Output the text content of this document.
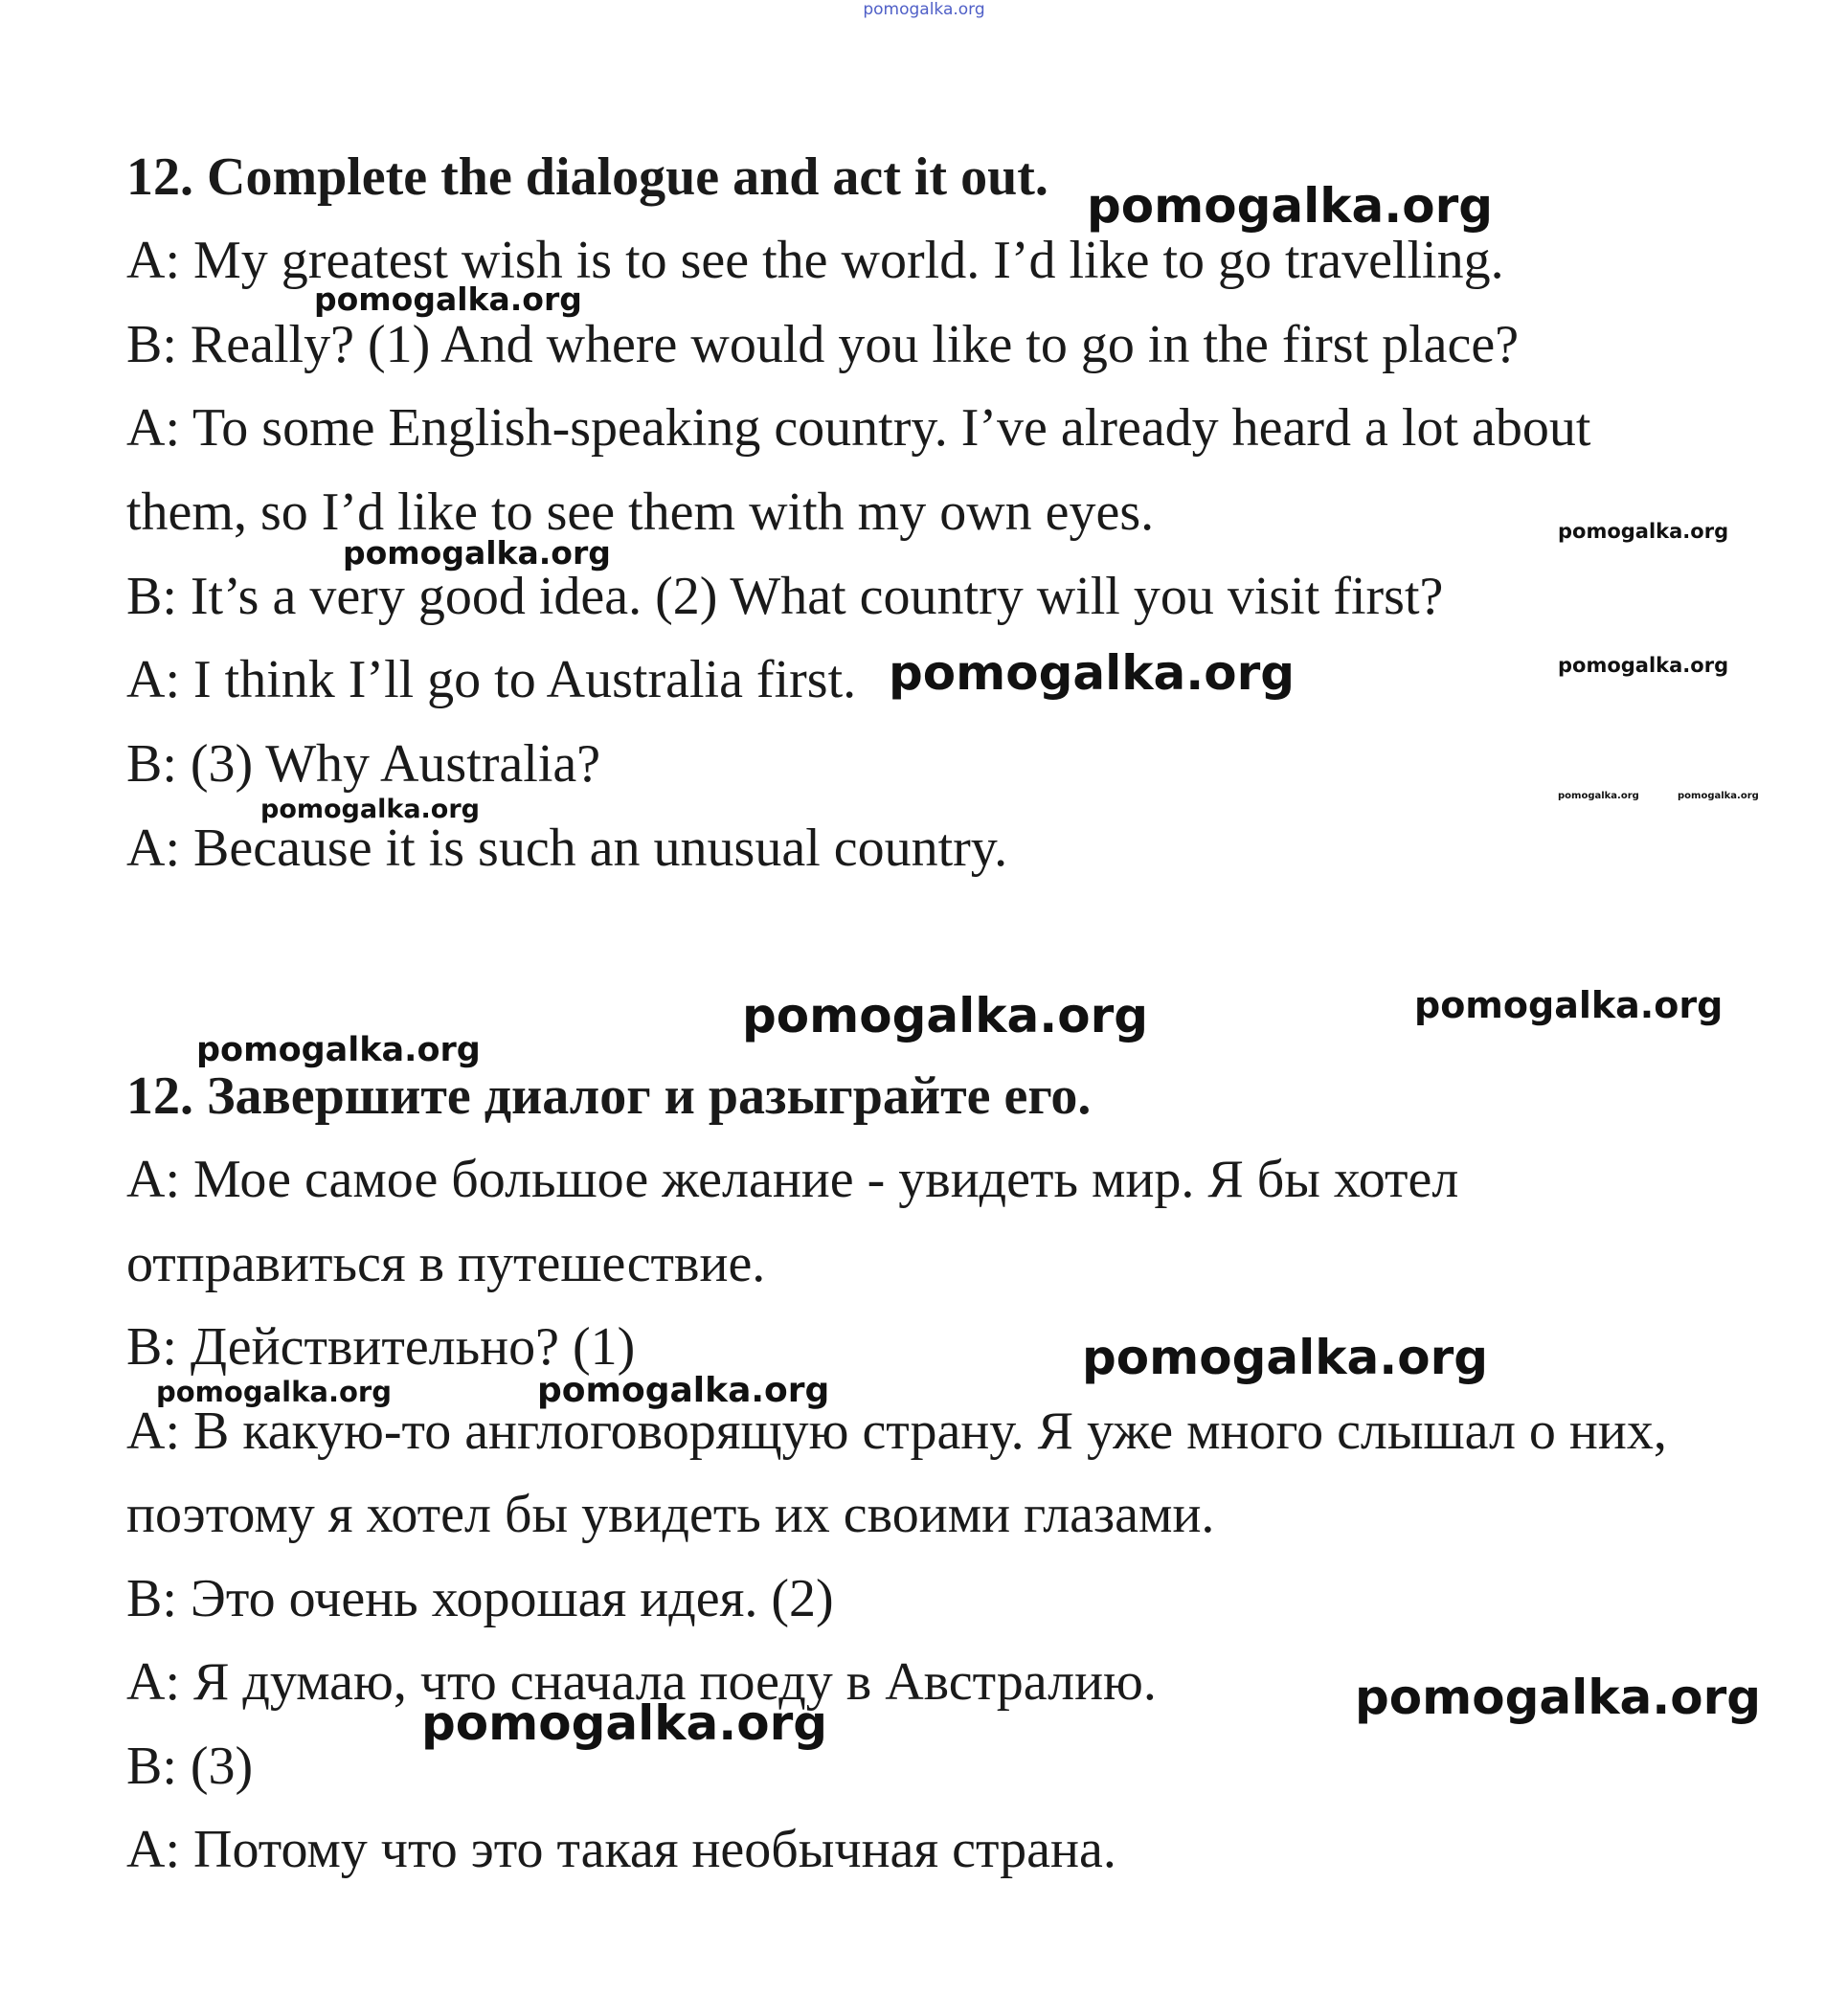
pomogalka.org
12. Complete the dialogue and act it out.
A: My greatest wish is to see the world. I’d like to go travelling.
B: Really? (1) And where would you like to go in the first place?
A: To some English-speaking country. I’ve already heard a lot about
them, so I’d like to see them with my own eyes.
B: It’s a very good idea. (2) What country will you visit first?
A: I think I’ll go to Australia first.
B: (3) Why Australia?
A: Because it is such an unusual country.
12. Завершите диалог и разыграйте его.
A: Мое самое большое желание - увидеть мир. Я бы хотел
отправиться в путешествие.
B: Действительно? (1)
A: В какую-то англоговорящую страну. Я уже много слышал о них,
поэтому я хотел бы увидеть их своими глазами.
B: Это очень хорошая идея. (2)
A: Я думаю, что сначала поеду в Австралию.
B: (3)
A: Потому что это такая необычная страна.
pomogalka.org
pomogalka.org
pomogalka.org
pomogalka.org
pomogalka.org	pomogalka.org
pomogalka.org	pomogalka.org	pomogalka.org
pomogalka.org	pomogalka.org
pomogalka.org
pomogalka.org
pomogalka.org	pomogalka.org
pomogalka.org
pomogalka.org
